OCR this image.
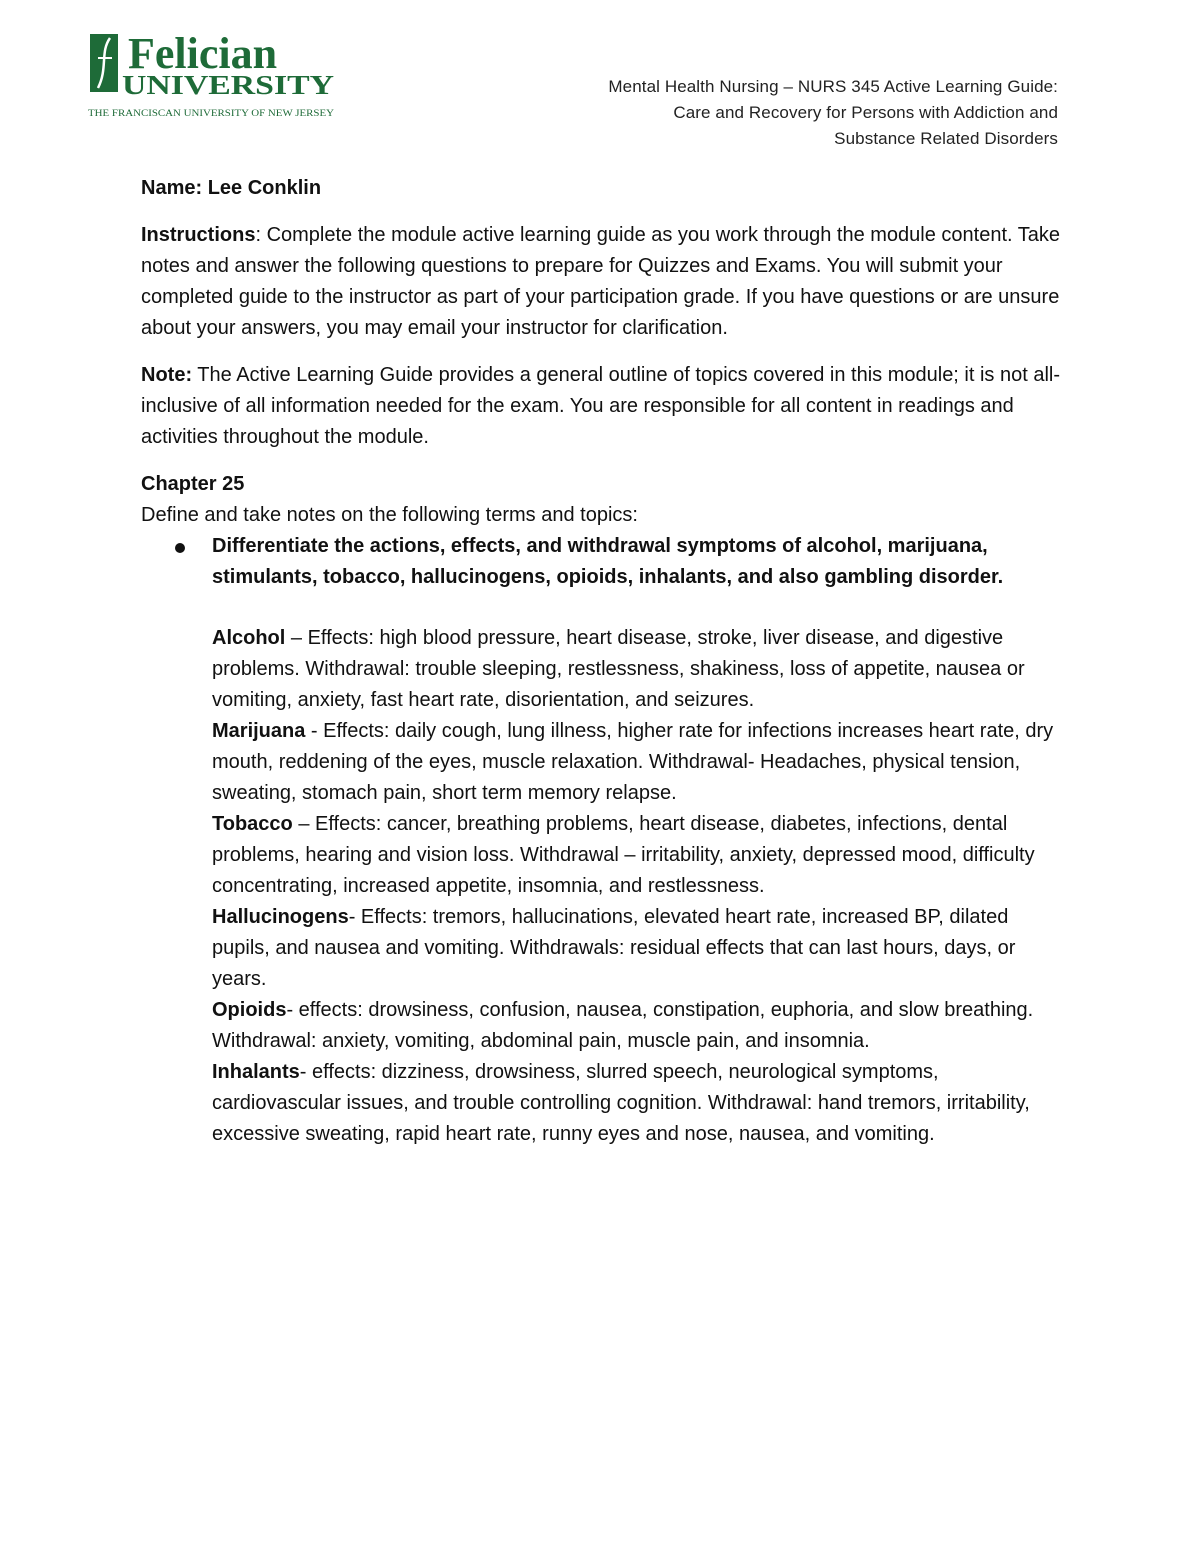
Felician
UNIVERSITY
THE FRANCISCAN UNIVERSITY OF NEW JERSEY
Mental Health Nursing – NURS 345 Active Learning Guide:
Care and Recovery for Persons with Addiction and
Substance Related Disorders

Name: Lee Conklin

Instructions: Complete the module active learning guide as you work through the module content. Take notes and answer the following questions to prepare for Quizzes and Exams. You will submit your completed guide to the instructor as part of your participation grade. If you have questions or are unsure about your answers, you may email your instructor for clarification.

Note: The Active Learning Guide provides a general outline of topics covered in this module; it is not all-inclusive of all information needed for the exam. You are responsible for all content in readings and activities throughout the module.

Chapter 25

Define and take notes on the following terms and topics:

Differentiate the actions, effects, and withdrawal symptoms of alcohol, marijuana, stimulants, tobacco, hallucinogens, opioids, inhalants, and also gambling disorder.

Alcohol – Effects: high blood pressure, heart disease, stroke, liver disease, and digestive problems. Withdrawal: trouble sleeping, restlessness, shakiness, loss of appetite, nausea or vomiting, anxiety, fast heart rate, disorientation, and seizures.

Marijuana - Effects: daily cough, lung illness, higher rate for infections increases heart rate, dry mouth, reddening of the eyes, muscle relaxation. Withdrawal- Headaches, physical tension, sweating, stomach pain, short term memory relapse.

Tobacco – Effects: cancer, breathing problems, heart disease, diabetes, infections, dental problems, hearing and vision loss. Withdrawal – irritability, anxiety, depressed mood, difficulty concentrating, increased appetite, insomnia, and restlessness.

Hallucinogens- Effects: tremors, hallucinations, elevated heart rate, increased BP, dilated pupils, and nausea and vomiting. Withdrawals: residual effects that can last hours, days, or years.

Opioids- effects: drowsiness, confusion, nausea, constipation, euphoria, and slow breathing. Withdrawal: anxiety, vomiting, abdominal pain, muscle pain, and insomnia.

Inhalants- effects: dizziness, drowsiness, slurred speech, neurological symptoms, cardiovascular issues, and trouble controlling cognition. Withdrawal: hand tremors, irritability, excessive sweating, rapid heart rate, runny eyes and nose, nausea, and vomiting.
